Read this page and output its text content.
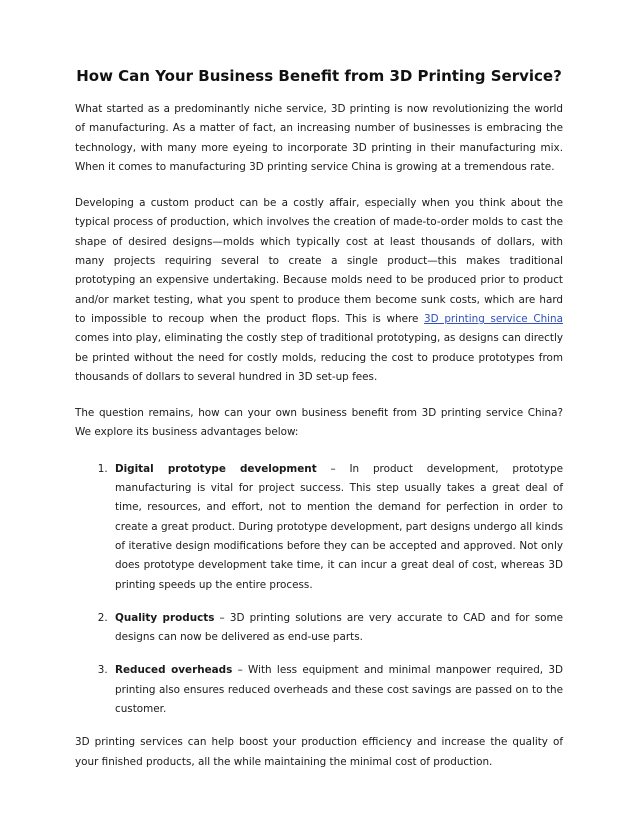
How Can Your Business Benefit from 3D Printing Service?

What started as a predominantly niche service, 3D printing is now revolutionizing the world of manufacturing. As a matter of fact, an increasing number of businesses is embracing the technology, with many more eyeing to incorporate 3D printing in their manufacturing mix. When it comes to manufacturing 3D printing service China is growing at a tremendous rate.

Developing a custom product can be a costly affair, especially when you think about the typical process of production, which involves the creation of made-to-order molds to cast the shape of desired designs—molds which typically cost at least thousands of dollars, with many projects requiring several to create a single product—this makes traditional prototyping an expensive undertaking. Because molds need to be produced prior to product and/or market testing, what you spent to produce them become sunk costs, which are hard to impossible to recoup when the product flops. This is where 3D printing service China comes into play, eliminating the costly step of traditional prototyping, as designs can directly be printed without the need for costly molds, reducing the cost to produce prototypes from thousands of dollars to several hundred in 3D set-up fees.

The question remains, how can your own business benefit from 3D printing service China? We explore its business advantages below:

1. Digital prototype development – In product development, prototype manufacturing is vital for project success. This step usually takes a great deal of time, resources, and effort, not to mention the demand for perfection in order to create a great product. During prototype development, part designs undergo all kinds of iterative design modifications before they can be accepted and approved. Not only does prototype development take time, it can incur a great deal of cost, whereas 3D printing speeds up the entire process.
2. Quality products – 3D printing solutions are very accurate to CAD and for some designs can now be delivered as end-use parts.
3. Reduced overheads – With less equipment and minimal manpower required, 3D printing also ensures reduced overheads and these cost savings are passed on to the customer.

3D printing services can help boost your production efficiency and increase the quality of your finished products, all the while maintaining the minimal cost of production.
